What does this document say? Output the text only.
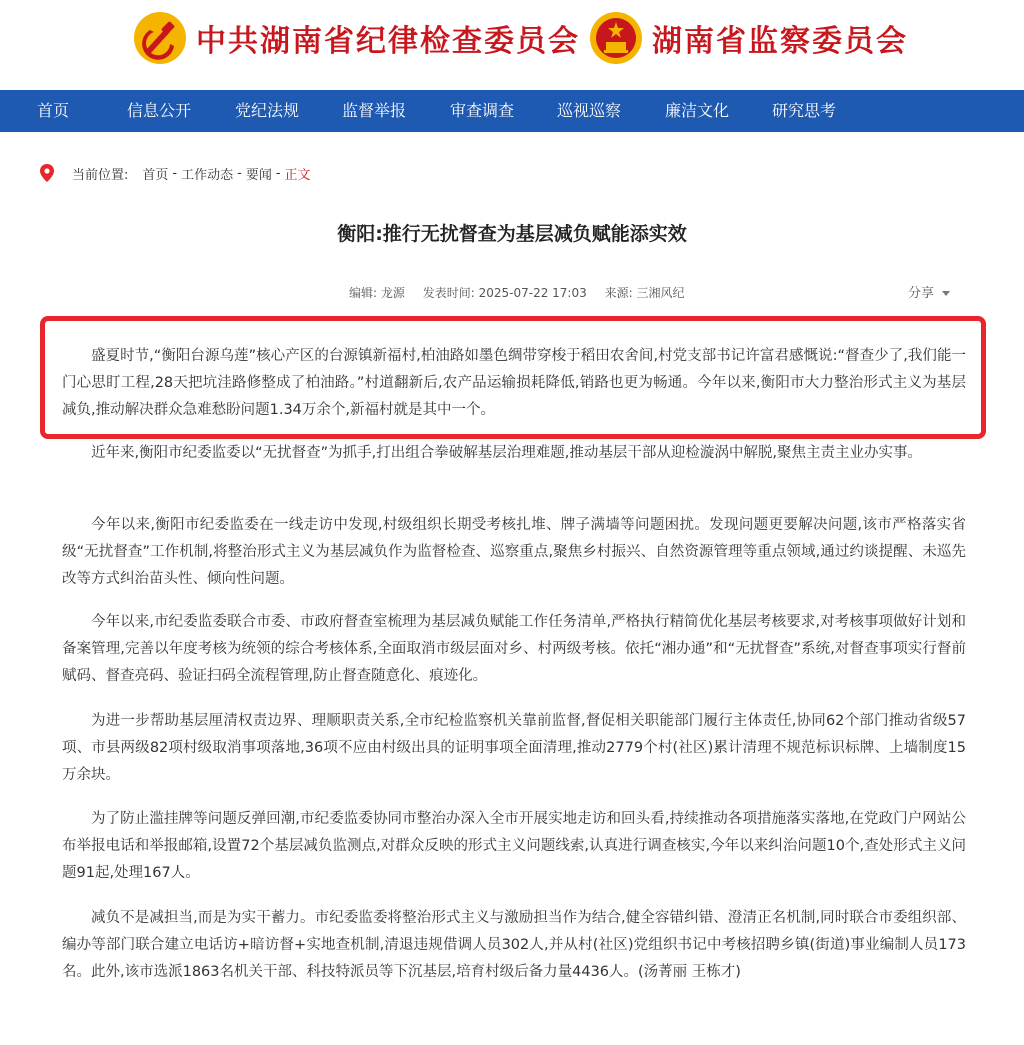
中共湖南省纪律检查委员会 湖南省监察委员会
首页	信息公开	党纪法规	监督举报	审查调查	巡视巡察	廉洁文化	研究思考
当前位置: 首页 - 工作动态 - 要闻 - 正文
衡阳:推行无扰督查为基层减负赋能添实效
编辑: 龙源 发表时间: 2025-07-22 17:03 来源: 三湘风纪	分享

盛夏时节,“衡阳台源乌莲”核心产区的台源镇新福村,柏油路如墨色绸带穿梭于稻田农舍间,村党支部书记许富君感慨说:“督查少了,我们能一门心思盯工程,28天把坑洼路修整成了柏油路。”村道翻新后,农产品运输损耗降低,销路也更为畅通。今年以来,衡阳市大力整治形式主义为基层减负,推动解决群众急难愁盼问题1.34万余个,新福村就是其中一个。

近年来,衡阳市纪委监委以“无扰督查”为抓手,打出组合拳破解基层治理难题,推动基层干部从迎检漩涡中解脱,聚焦主责主业办实事。

今年以来,衡阳市纪委监委在一线走访中发现,村级组织长期受考核扎堆、牌子满墙等问题困扰。发现问题更要解决问题,该市严格落实省级“无扰督查”工作机制,将整治形式主义为基层减负作为监督检查、巡察重点,聚焦乡村振兴、自然资源管理等重点领域,通过约谈提醒、未巡先改等方式纠治苗头性、倾向性问题。

今年以来,市纪委监委联合市委、市政府督查室梳理为基层减负赋能工作任务清单,严格执行精简优化基层考核要求,对考核事项做好计划和备案管理,完善以年度考核为统领的综合考核体系,全面取消市级层面对乡、村两级考核。依托“湘办通”和“无扰督查”系统,对督查事项实行督前赋码、督查亮码、验证扫码全流程管理,防止督查随意化、痕迹化。

为进一步帮助基层厘清权责边界、理顺职责关系,全市纪检监察机关靠前监督,督促相关职能部门履行主体责任,协同62个部门推动省级57项、市县两级82项村级取消事项落地,36项不应由村级出具的证明事项全面清理,推动2779个村(社区)累计清理不规范标识标牌、上墙制度15万余块。

为了防止滥挂牌等问题反弹回潮,市纪委监委协同市整治办深入全市开展实地走访和回头看,持续推动各项措施落实落地,在党政门户网站公布举报电话和举报邮箱,设置72个基层减负监测点,对群众反映的形式主义问题线索,认真进行调查核实,今年以来纠治问题10个,查处形式主义问题91起,处理167人。

减负不是减担当,而是为实干蓄力。市纪委监委将整治形式主义与激励担当作为结合,健全容错纠错、澄清正名机制,同时联合市委组织部、编办等部门联合建立电话访+暗访督+实地查机制,清退违规借调人员302人,并从村(社区)党组织书记中考核招聘乡镇(街道)事业编制人员173名。此外,该市选派1863名机关干部、科技特派员等下沉基层,培育村级后备力量4436人。(汤菁丽 王栋才)
